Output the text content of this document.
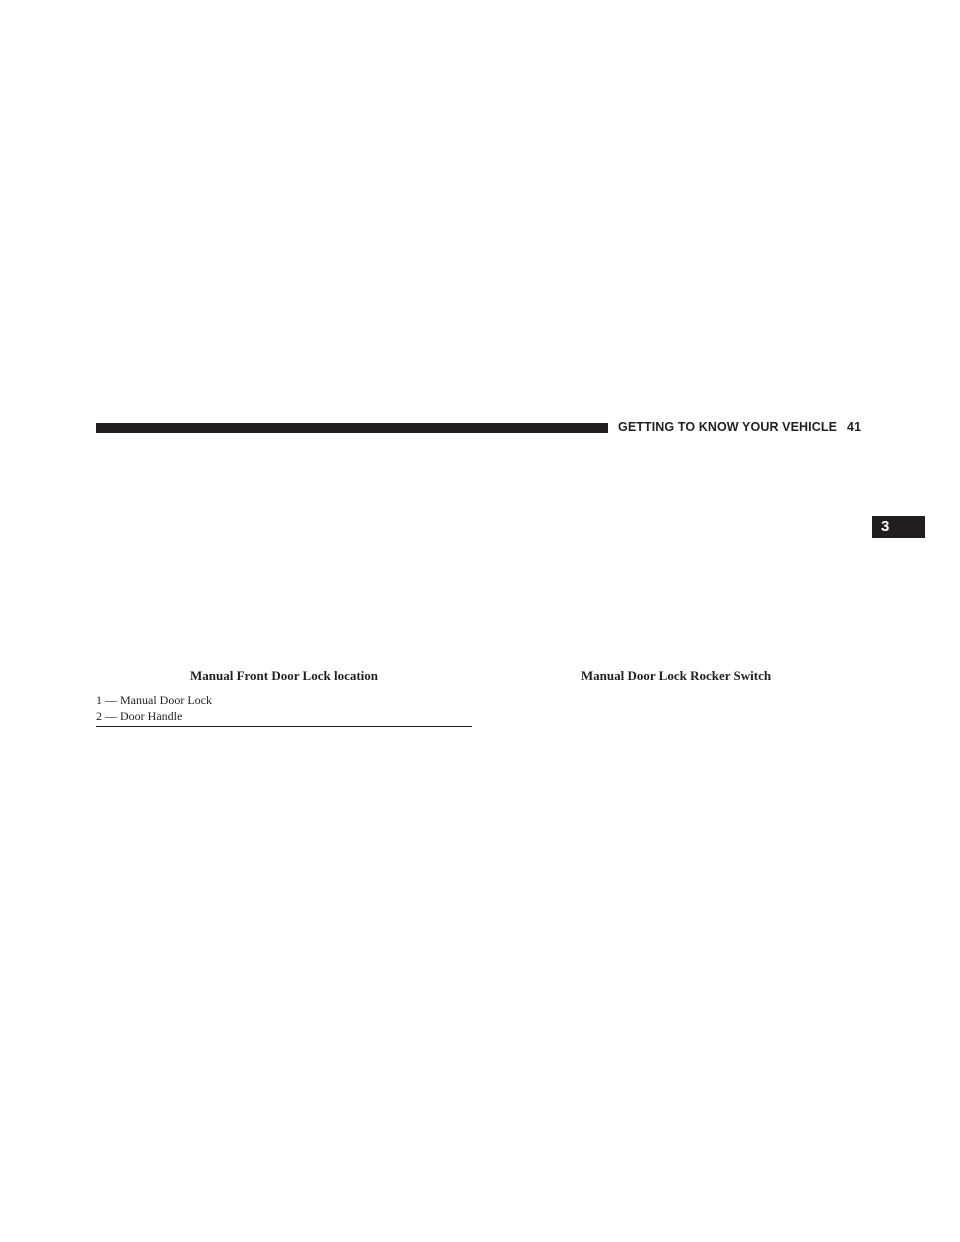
GETTING TO KNOW YOUR VEHICLE 41
3
Manual Front Door Lock location
1 — Manual Door Lock
2 — Door Handle
Manual Door Lock Rocker Switch
